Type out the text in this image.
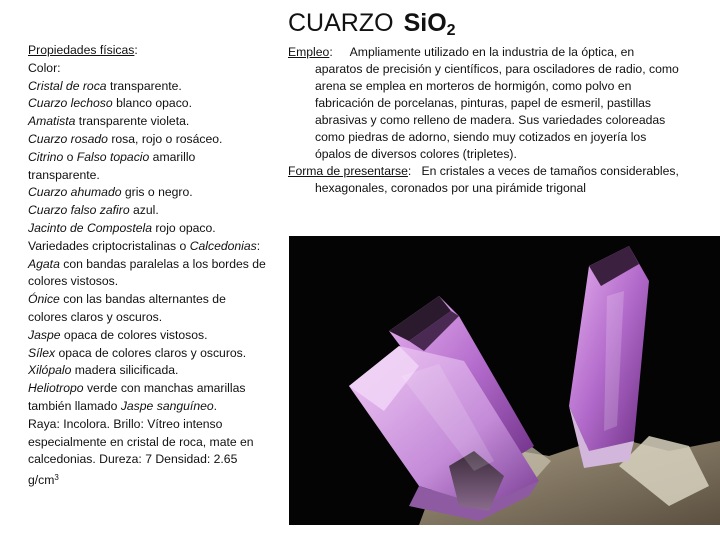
CUARZO SiO$_2$

Propiedades físicas:

Color:

Cristal de roca transparente.

Cuarzo lechoso blanco opaco.

Amatista transparente violeta.

Cuarzo rosado rosa, rojo o rosáceo.

Citrino o Falso topacio amarillo transparente.

Cuarzo ahumado gris o negro.

Cuarzo falso zafiro azul.

Jacinto de Compostela rojo opaco.

Variedades criptocristalinas o Calcedonias: Agata con bandas paralelas a los bordes de colores vistosos.

Ónice con las bandas alternantes de colores claros y oscuros.

Jaspe opaca de colores vistosos.

Sílex opaca de colores claros y oscuros.

Xilópalo madera silicificada.

Heliotropo verde con manchas amarillas también llamado Jaspe sanguíneo.

Raya: Incolora. Brillo: Vítreo intenso especialmente en cristal de roca, mate en calcedonias. Dureza: 7 Densidad: 2.65 $g/cm^3$

Empleo: Ampliamente utilizado en la industria de la óptica, en aparatos de precisión y científicos, para osciladores de radio, como arena se emplea en morteros de hormigón, como polvo en fabricación de porcelanas, pinturas, papel de esmeril, pastillas abrasivas y como relleno de madera. Sus variedades coloreadas como piedras de adorno, siendo muy cotizados en joyería los ópalos de diversos colores (tripletes).

Forma de presentarse: En cristales a veces de tamaños considerables, hexagonales, coronados por una pirámide trigonal
